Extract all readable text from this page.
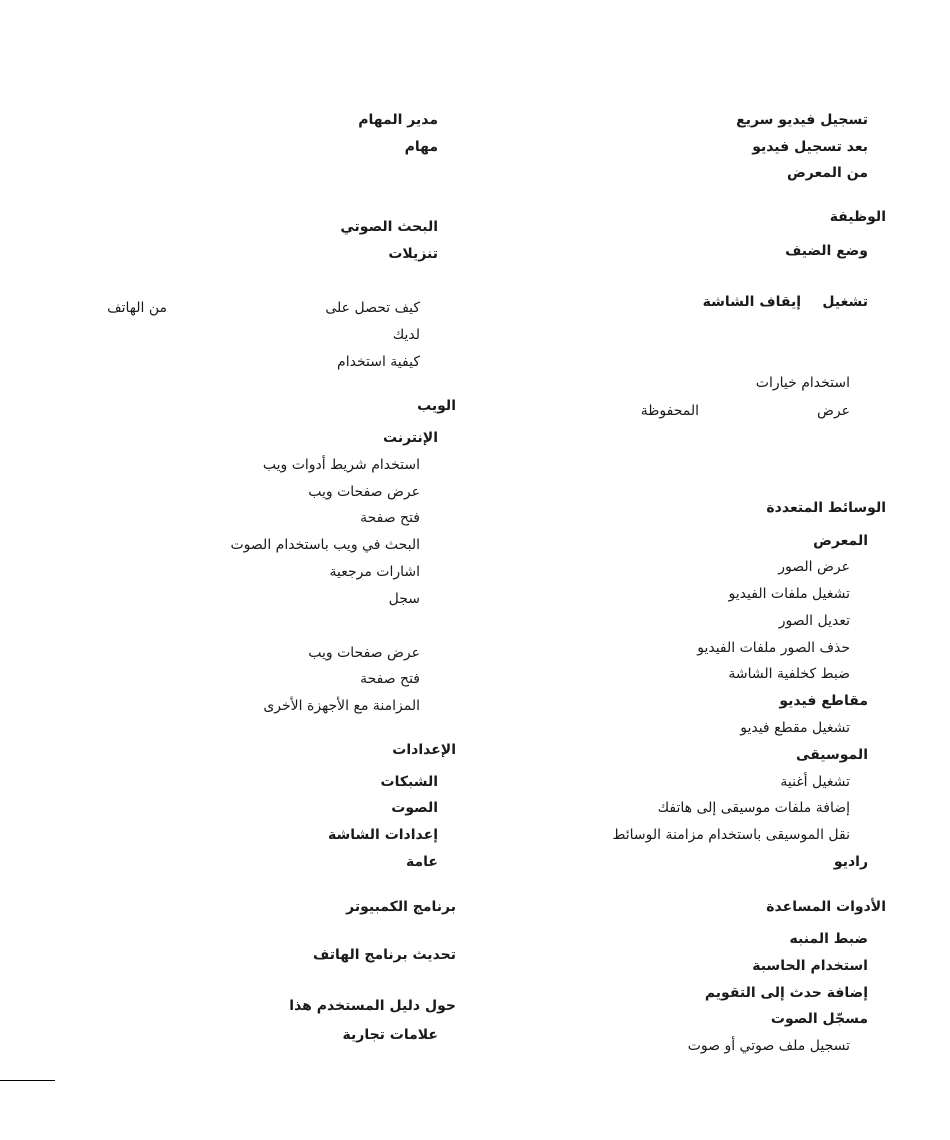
تسجيل فيديو سريع
بعد تسجيل فيديو
من المعرض
الوظيفة
وضع الضيف
تشغيل
إيقاف الشاشة
استخدام خيارات
عرض
المحفوظة
الوسائط المتعددة
المعرض
عرض الصور
تشغيل ملفات الفيديو
تعديل الصور
حذف الصور ملفات الفيديو
ضبط كخلفية الشاشة
مقاطع فيديو
تشغيل مقطع فيديو
الموسيقى
تشغيل أغنية
إضافة ملفات موسيقى إلى هاتفك
نقل الموسيقى باستخدام مزامنة الوسائط
راديو
الأدوات المساعدة
ضبط المنبه
استخدام الحاسبة
إضافة حدث إلى التقويم
مسجّل الصوت
تسجيل ملف صوتي أو صوت
مدير المهام
مهام
البحث الصوتي
تنزيلات
كيف تحصل على
من الهاتف
لديك
كيفية استخدام
الويب
الإنترنت
استخدام شريط أدوات ويب
عرض صفحات ويب
فتح صفحة
البحث في ويب باستخدام الصوت
اشارات مرجعية
سجل
عرض صفحات ويب
فتح صفحة
المزامنة مع الأجهزة الأخرى
الإعدادات
الشبكات
الصوت
إعدادات الشاشة
عامة
برنامج الكمبيوتر
تحديث برنامج الهاتف
حول دليل المستخدم هذا
علامات تجارية
